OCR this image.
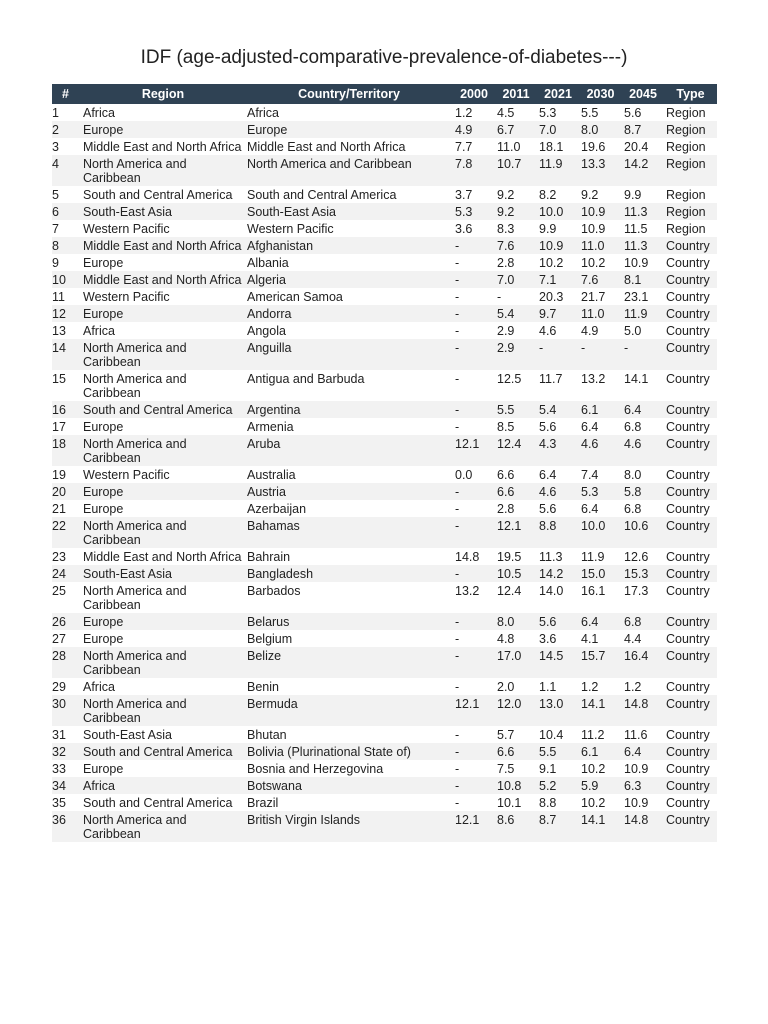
IDF (age-adjusted-comparative-prevalence-of-diabetes---)
#	Region	Country/Territory	2000	2011	2021	2030	2045	Type
1	Africa	Africa	1.2	4.5	5.3	5.5	5.6	Region
2	Europe	Europe	4.9	6.7	7.0	8.0	8.7	Region
3	Middle East and North Africa	Middle East and North Africa	7.7	11.0	18.1	19.6	20.4	Region
4	North America and Caribbean	North America and Caribbean	7.8	10.7	11.9	13.3	14.2	Region
5	South and Central America	South and Central America	3.7	9.2	8.2	9.2	9.9	Region
6	South-East Asia	South-East Asia	5.3	9.2	10.0	10.9	11.3	Region
7	Western Pacific	Western Pacific	3.6	8.3	9.9	10.9	11.5	Region
8	Middle East and North Africa	Afghanistan	-	7.6	10.9	11.0	11.3	Country
9	Europe	Albania	-	2.8	10.2	10.2	10.9	Country
10	Middle East and North Africa	Algeria	-	7.0	7.1	7.6	8.1	Country
11	Western Pacific	American Samoa	-	-	20.3	21.7	23.1	Country
12	Europe	Andorra	-	5.4	9.7	11.0	11.9	Country
13	Africa	Angola	-	2.9	4.6	4.9	5.0	Country
14	North America and Caribbean	Anguilla	-	2.9	-	-	-	Country
15	North America and Caribbean	Antigua and Barbuda	-	12.5	11.7	13.2	14.1	Country
16	South and Central America	Argentina	-	5.5	5.4	6.1	6.4	Country
17	Europe	Armenia	-	8.5	5.6	6.4	6.8	Country
18	North America and Caribbean	Aruba	12.1	12.4	4.3	4.6	4.6	Country
19	Western Pacific	Australia	0.0	6.6	6.4	7.4	8.0	Country
20	Europe	Austria	-	6.6	4.6	5.3	5.8	Country
21	Europe	Azerbaijan	-	2.8	5.6	6.4	6.8	Country
22	North America and Caribbean	Bahamas	-	12.1	8.8	10.0	10.6	Country
23	Middle East and North Africa	Bahrain	14.8	19.5	11.3	11.9	12.6	Country
24	South-East Asia	Bangladesh	-	10.5	14.2	15.0	15.3	Country
25	North America and Caribbean	Barbados	13.2	12.4	14.0	16.1	17.3	Country
26	Europe	Belarus	-	8.0	5.6	6.4	6.8	Country
27	Europe	Belgium	-	4.8	3.6	4.1	4.4	Country
28	North America and Caribbean	Belize	-	17.0	14.5	15.7	16.4	Country
29	Africa	Benin	-	2.0	1.1	1.2	1.2	Country
30	North America and Caribbean	Bermuda	12.1	12.0	13.0	14.1	14.8	Country
31	South-East Asia	Bhutan	-	5.7	10.4	11.2	11.6	Country
32	South and Central America	Bolivia (Plurinational State of)	-	6.6	5.5	6.1	6.4	Country
33	Europe	Bosnia and Herzegovina	-	7.5	9.1	10.2	10.9	Country
34	Africa	Botswana	-	10.8	5.2	5.9	6.3	Country
35	South and Central America	Brazil	-	10.1	8.8	10.2	10.9	Country
36	North America and Caribbean	British Virgin Islands	12.1	8.6	8.7	14.1	14.8	Country
